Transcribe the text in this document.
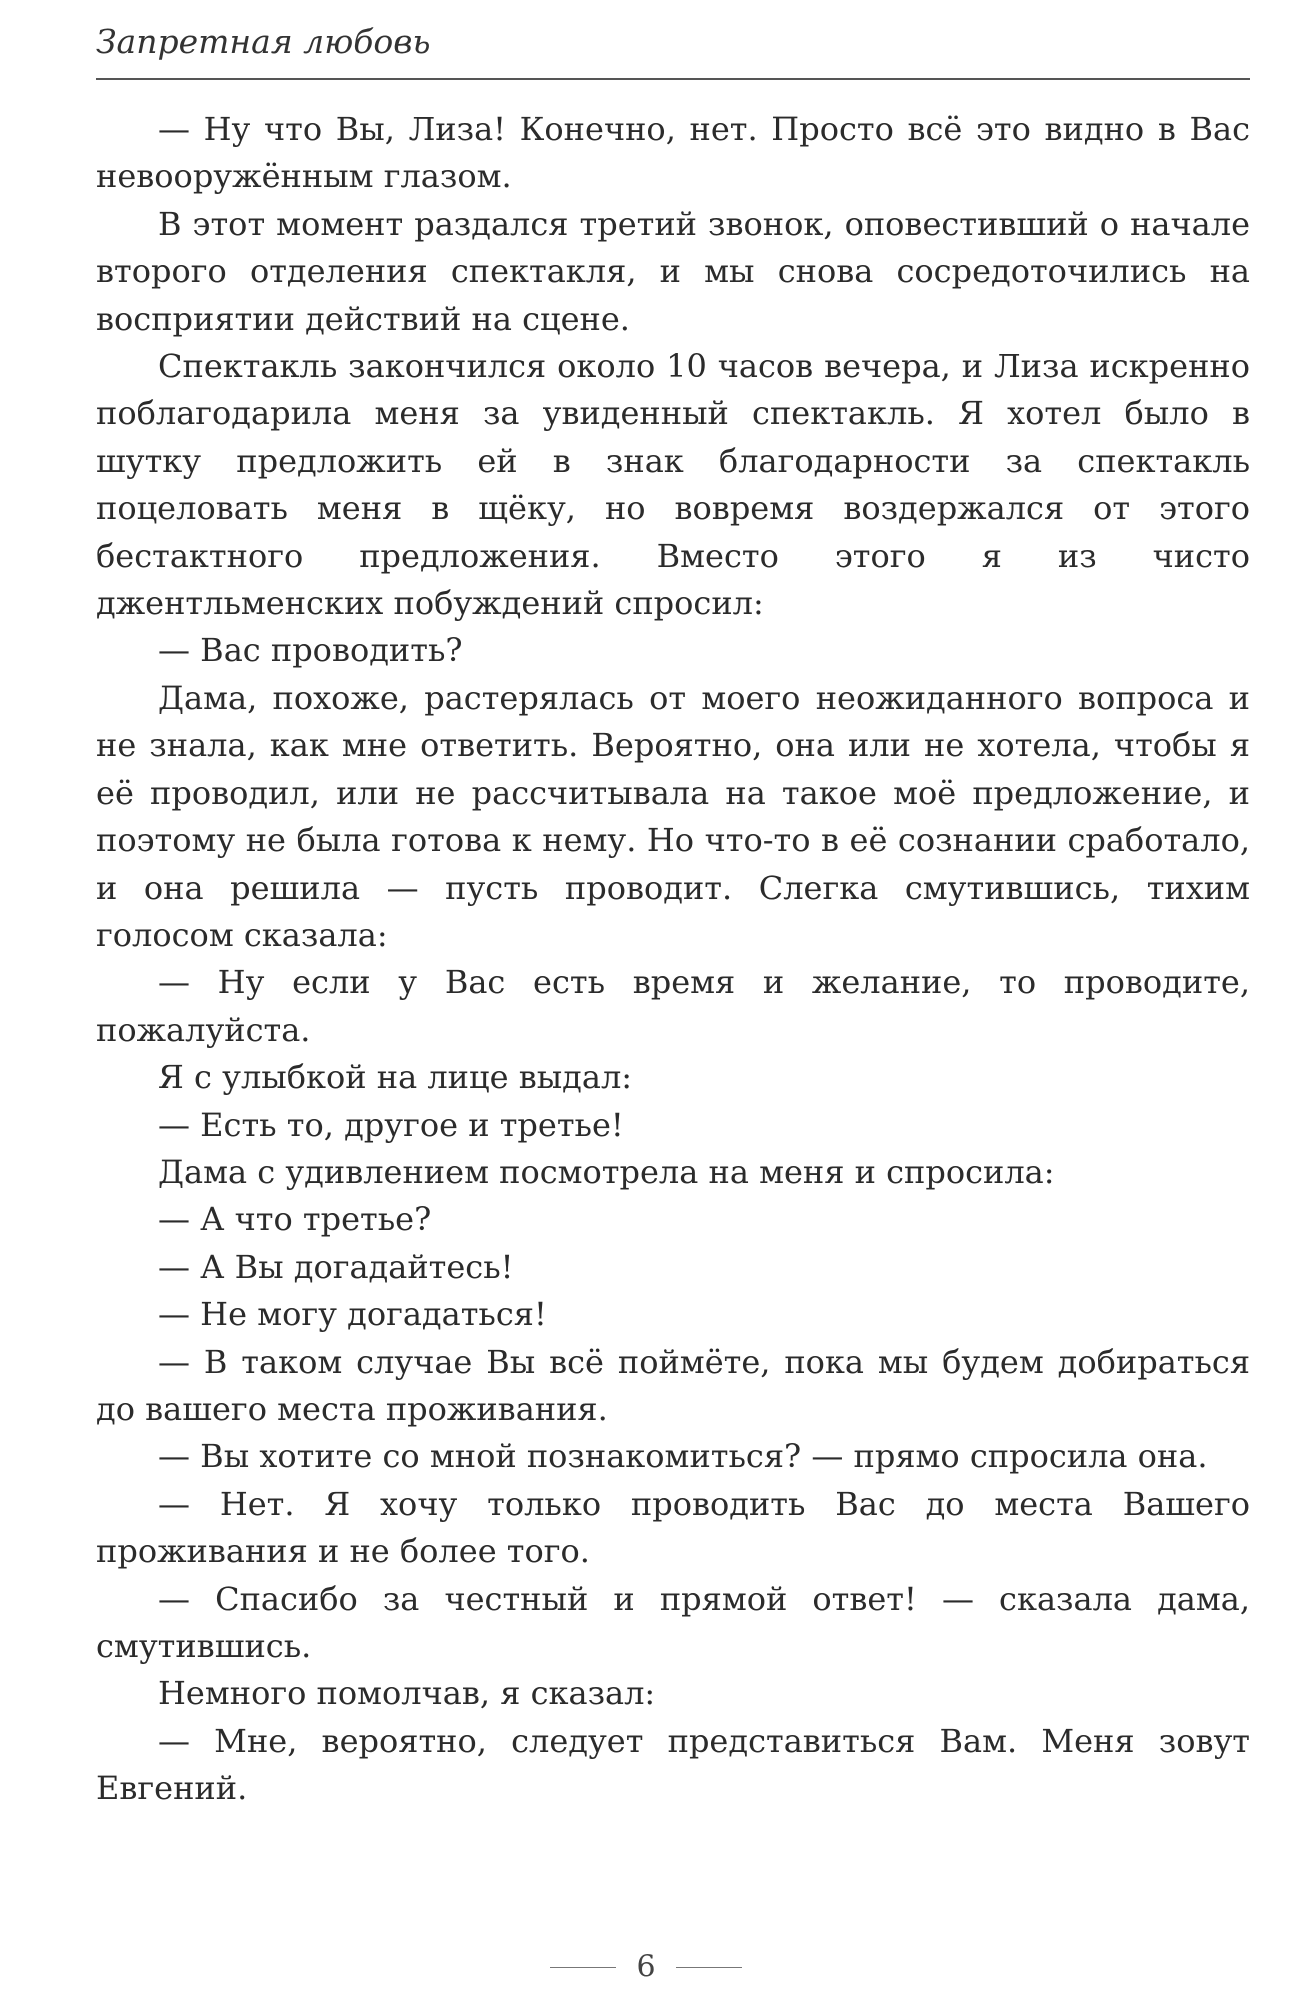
Запретная любовь

— Ну что Вы, Лиза! Конечно, нет. Просто всё это видно в Вас невооружённым глазом.

В этот момент раздался третий звонок, оповестивший о начале второго отделения спектакля, и мы снова сосредоточились на восприятии действий на сцене.

Спектакль закончился около 10 часов вечера, и Лиза искренно поблагодарила меня за увиденный спектакль. Я хотел было в шутку предложить ей в знак благодарности за спектакль поцеловать меня в щёку, но вовремя воздержался от этого бестактного предложения. Вместо этого я из чисто джентльменских побуждений спросил:

— Вас проводить?

Дама, похоже, растерялась от моего неожиданного вопроса и не знала, как мне ответить. Вероятно, она или не хотела, чтобы я её проводил, или не рассчитывала на такое моё предложение, и поэтому не была готова к нему. Но что-то в её сознании сработало, и она решила — пусть проводит. Слегка смутившись, тихим голосом сказала:

— Ну если у Вас есть время и желание, то проводите, пожалуйста.

Я с улыбкой на лице выдал:

— Есть то, другое и третье!

Дама с удивлением посмотрела на меня и спросила:

— А что третье?

— А Вы догадайтесь!

— Не могу догадаться!

— В таком случае Вы всё поймёте, пока мы будем добираться до вашего места проживания.

— Вы хотите со мной познакомиться? — прямо спросила она.

— Нет. Я хочу только проводить Вас до места Вашего проживания и не более того.

— Спасибо за честный и прямой ответ! — сказала дама, смутившись.

Немного помолчав, я сказал:

— Мне, вероятно, следует представиться Вам. Меня зовут Евгений.

6
